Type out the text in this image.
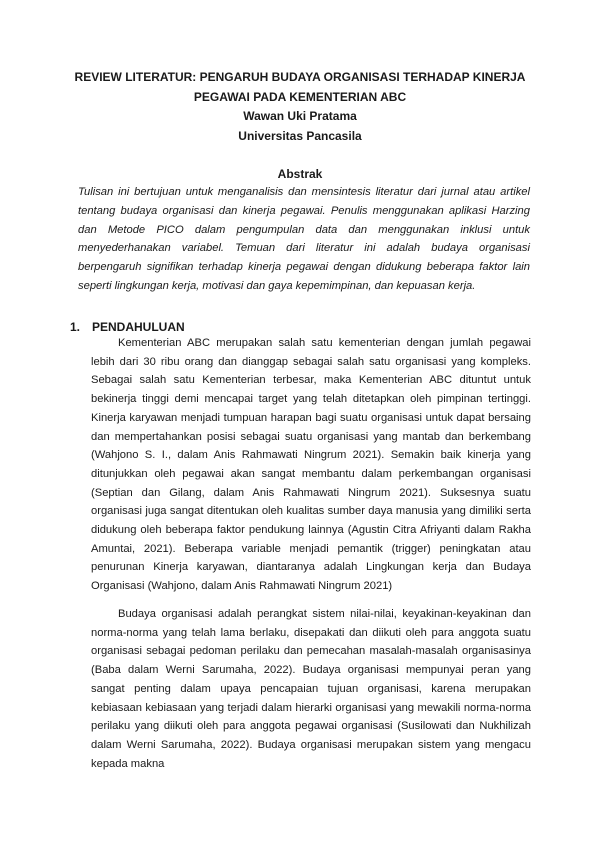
REVIEW LITERATUR: PENGARUH BUDAYA ORGANISASI TERHADAP KINERJA
PEGAWAI PADA KEMENTERIAN ABC
Wawan Uki Pratama
Universitas Pancasila
Abstrak

Tulisan ini bertujuan untuk menganalisis dan mensintesis literatur dari jurnal atau artikel tentang budaya organisasi dan kinerja pegawai. Penulis menggunakan aplikasi Harzing dan Metode PICO dalam pengumpulan data dan menggunakan inklusi untuk menyederhanakan variabel. Temuan dari literatur ini adalah budaya organisasi berpengaruh signifikan terhadap kinerja pegawai dengan didukung beberapa faktor lain seperti lingkungan kerja, motivasi dan gaya kepemimpinan, dan kepuasan kerja.

1. PENDAHULUAN

Kementerian ABC merupakan salah satu kementerian dengan jumlah pegawai lebih dari 30 ribu orang dan dianggap sebagai salah satu organisasi yang kompleks. Sebagai salah satu Kementerian terbesar, maka Kementerian ABC dituntut untuk bekinerja tinggi demi mencapai target yang telah ditetapkan oleh pimpinan tertinggi. Kinerja karyawan menjadi tumpuan harapan bagi suatu organisasi untuk dapat bersaing dan mempertahankan posisi sebagai suatu organisasi yang mantab dan berkembang (Wahjono S. I., dalam Anis Rahmawati Ningrum 2021). Semakin baik kinerja yang ditunjukkan oleh pegawai akan sangat membantu dalam perkembangan organisasi (Septian dan Gilang, dalam Anis Rahmawati Ningrum 2021). Suksesnya suatu organisasi juga sangat ditentukan oleh kualitas sumber daya manusia yang dimiliki serta didukung oleh beberapa faktor pendukung lainnya (Agustin Citra Afriyanti dalam Rakha Amuntai, 2021). Beberapa variable menjadi pemantik (trigger) peningkatan atau penurunan Kinerja karyawan, diantaranya adalah Lingkungan kerja dan Budaya Organisasi (Wahjono, dalam Anis Rahmawati Ningrum 2021)

Budaya organisasi adalah perangkat sistem nilai-nilai, keyakinan-keyakinan dan norma-norma yang telah lama berlaku, disepakati dan diikuti oleh para anggota suatu organisasi sebagai pedoman perilaku dan pemecahan masalah-masalah organisasinya (Baba dalam Werni Sarumaha, 2022). Budaya organisasi mempunyai peran yang sangat penting dalam upaya pencapaian tujuan organisasi, karena merupakan kebiasaan kebiasaan yang terjadi dalam hierarki organisasi yang mewakili norma-norma perilaku yang diikuti oleh para anggota pegawai organisasi (Susilowati dan Nukhilizah dalam Werni Sarumaha, 2022). Budaya organisasi merupakan sistem yang mengacu kepada makna
